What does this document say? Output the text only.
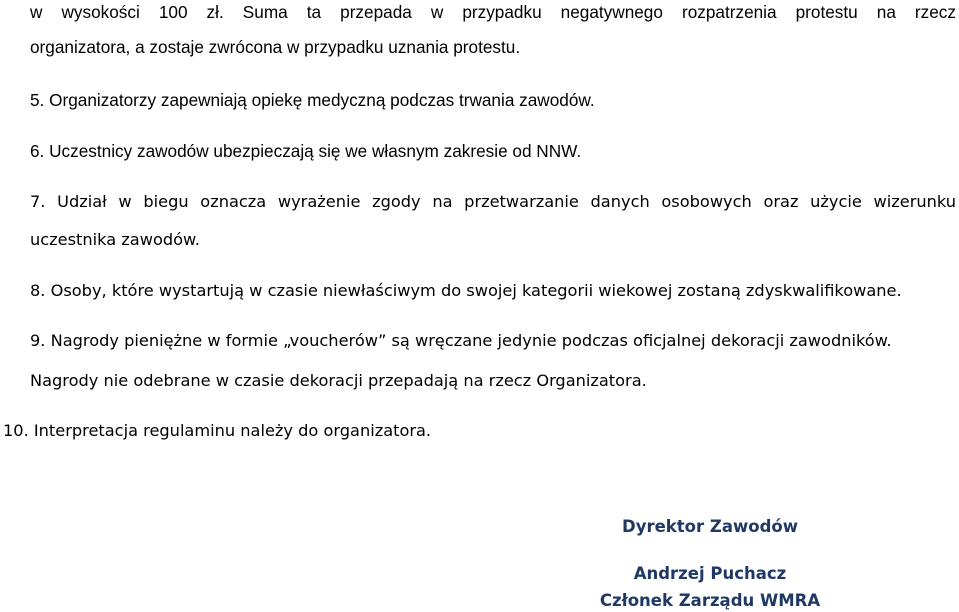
w wysokości 100 zł. Suma ta przepada w przypadku negatywnego rozpatrzenia protestu na rzecz
organizatora, a zostaje zwrócona w przypadku uznania protestu.
5. Organizatorzy zapewniają opiekę medyczną podczas trwania zawodów.
6. Uczestnicy zawodów ubezpieczają się we własnym zakresie od NNW.
7. Udział w biegu oznacza wyrażenie zgody na przetwarzanie danych osobowych oraz użycie wizerunku
uczestnika zawodów.
8. Osoby, które wystartują w czasie niewłaściwym do swojej kategorii wiekowej zostaną zdyskwalifikowane.
9. Nagrody pieniężne w formie „voucherów” są wręczane jedynie podczas oficjalnej dekoracji zawodników.
Nagrody nie odebrane w czasie dekoracji przepadają na rzecz Organizatora.
10. Interpretacja regulaminu należy do organizatora.
Dyrektor Zawodów
Andrzej Puchacz
Członek Zarządu WMRA
